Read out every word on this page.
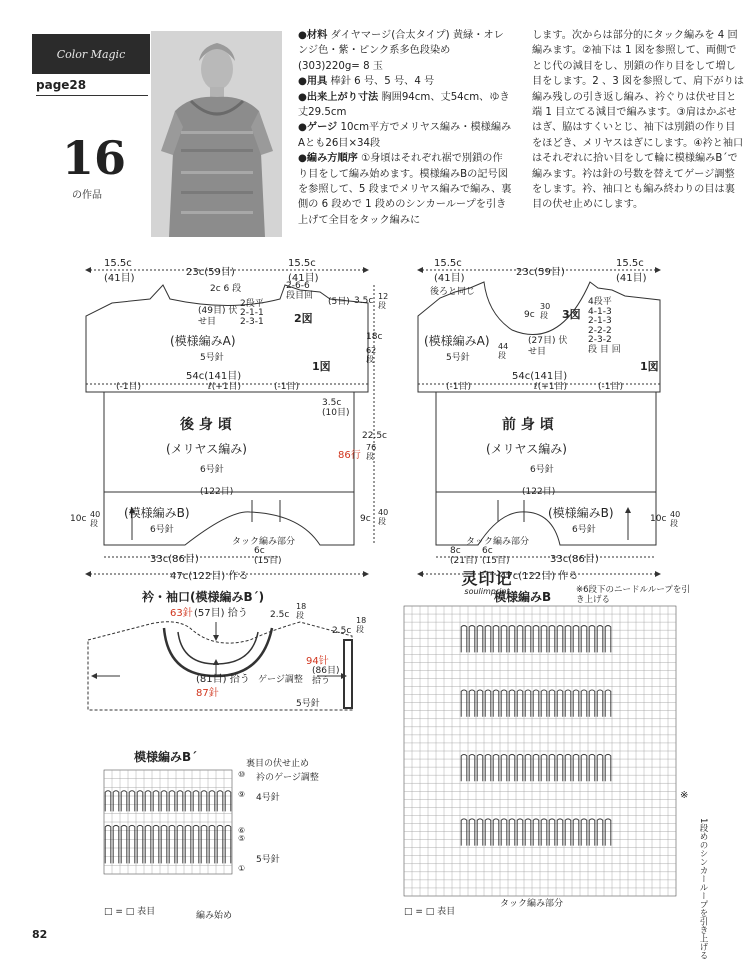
Color Magic
page28
16
の作品

●材料 ダイヤマージ(合太タイプ) 黄緑・オレンジ色・紫・ピンク系多色段染め(303)220g= 8 玉

●用具 棒針 6 号、5 号、4 号

●出来上がり寸法 胸囲94cm、丈54cm、ゆき丈29.5cm

●ゲージ 10cm平方でメリヤス編み・模様編みAとも26目×34段

●編み方順序 ①身頃はそれぞれ裾で別鎖の作り目をして編み始めます。模様編みBの記号図を参照して、5 段までメリヤス編みで編み、裏側の 6 段めで 1 段めのシンカーループを引き上げて全目をタック編みに

します。次からは部分的にタック編みを 4 回編みます。②袖下は 1 図を参照して、両側でとじ代の減目をし、別鎖の作り目をして増し目をします。2 、3 図を参照して、肩下がりは編み残しの引き返し編み、衿ぐりは伏せ目と端 1 目立てる減目で編みます。③肩はかぶせはぎ、脇はすくいとじ、袖下は別鎖の作り目をほどき、メリヤスはぎにします。④衿と袖口はそれぞれに拾い目をして輪に模様編みB´で編みます。衿は針の号数を替えてゲージ調整をします。衿、袖口とも編み終わりの目は裏目の伏せ止めにします。

15.5c
(41目)
23c(59目)
15.5c
(41目)
2c 6 段
(49目) 伏せ目
2段平
2-1-1
2-3-1	2図
2-6-6
段目回
(5目)
(模様編みA)
5号針
54c(141目)
1図
(-1目)	ℓ(+1目)	(-1目)
3.5c
(10目)
後 身 頃
(メリヤス編み)
6号針
(122目)
(模様編みB)
6号針
タック編み部分
33c(86目)
6c
(15目)
47c(122目) 作る
10c 40 段
3.5c 12 段
18c
62 段
22.5c
76 段
9c
40 段
86行
15.5c
(41目)
23c(59目)
15.5c
(41目)
後ろと同じ
9c
30 段
(27目) 伏せ目
3図
4段平
4-1-3
2-1-3
2-2-2
2-3-2
段 目 回
(模様編みA)
5号針
44 段
54c(141目)
1図
(-1目)	ℓ(+1目)	(-1目)
前 身 頃
(メリヤス編み)
6号針
(122目)
(模様編みB)
6号針
タック編み部分
8c
(21目)
6c
(15目)	33c(86目)
47c(122目) 作る
10c 40 段
衿・袖口(模様編みB´)
63針 (57目) 拾う
(81目) 拾う
87針
ゲージ調整
5号針
2.5c
18 段
2.5c
18 段
94针
(86目) 拾う
灵印记
soulimprint
模様編みB´	裏目の伏せ止め
衿のゲージ調整
4号針
5号針
⑩
⑨
⑥
⑤
①
□ = □ 表目	編み始め
模様編みB	※6段下のニードルループを引き上げる
※
1段めのシンカーループを引き上げる
□ = □ 表目
タック編み部分
82
